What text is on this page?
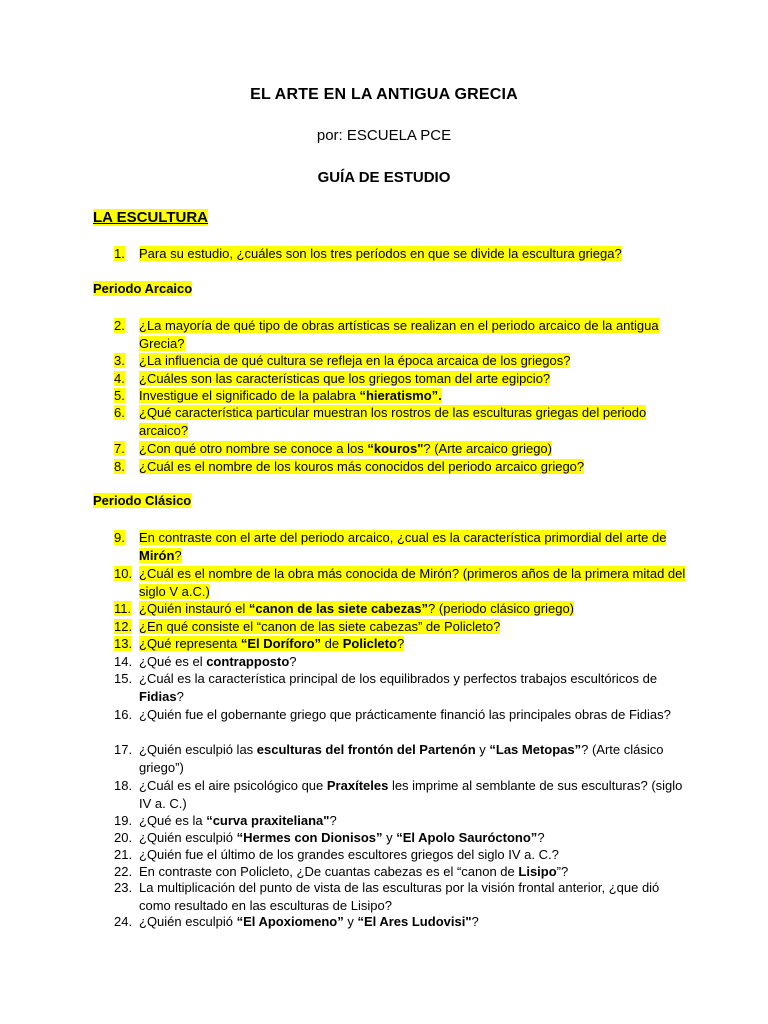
EL ARTE EN LA ANTIGUA GRECIA
por: ESCUELA PCE
GUÍA DE ESTUDIO
LA ESCULTURA
1.	Para su estudio, ¿cuáles son los tres períodos en que se divide la escultura griega?
Periodo Arcaico
2.	¿La mayoría de qué tipo de obras artísticas se realizan en el periodo arcaico de la antigua Grecia?
3.	¿La influencia de qué cultura se refleja en la época arcaica de los griegos?
4.	¿Cuáles son las características que los griegos toman del arte egipcio?
5.	Investigue el significado de la palabra “hieratismo”.
6.	¿Qué característica particular muestran los rostros de las esculturas griegas del periodo arcaico?
7.	¿Con qué otro nombre se conoce a los “kouros"? (Arte arcaico griego)
8.	¿Cuál es el nombre de los kouros más conocidos del periodo arcaico griego?
Periodo Clásico
9.	En contraste con el arte del periodo arcaico, ¿cual es la característica primordial del arte de Mirón?
10. ¿Cuál es el nombre de la obra más conocida de Mirón? (primeros años de la primera mitad del siglo V a.C.)
11. ¿Quién instauró el “canon de las siete cabezas”? (periodo clásico griego)
12. ¿En qué consiste el “canon de las siete cabezas” de Policleto?
13. ¿Qué representa “El Doríforo” de Policleto?
14. ¿Qué es el contrapposto?
15. ¿Cuál es la característica principal de los equilibrados y perfectos trabajos escultóricos de Fidias?
16. ¿Quién fue el gobernante griego que prácticamente financió las principales obras de Fidias?
17. ¿Quién esculpió las esculturas del frontón del Partenón y “Las Metopas”? (Arte clásico griego”)
18. ¿Cuál es el aire psicológico que Praxíteles les imprime al semblante de sus esculturas? (siglo IV a. C.)
19. ¿Qué es la “curva praxiteliana"?
20. ¿Quién esculpió “Hermes con Dionisos” y “El Apolo Sauróctono”?
21. ¿Quién fue el último de los grandes escultores griegos del siglo IV a. C.?
22. En contraste con Policleto, ¿De cuantas cabezas es el “canon de Lisipo”?
23. La multiplicación del punto de vista de las esculturas por la visión frontal anterior, ¿que dió como resultado en las esculturas de Lisipo?
24. ¿Quién esculpió “El Apoxiomeno” y “El Ares Ludovisi"?
